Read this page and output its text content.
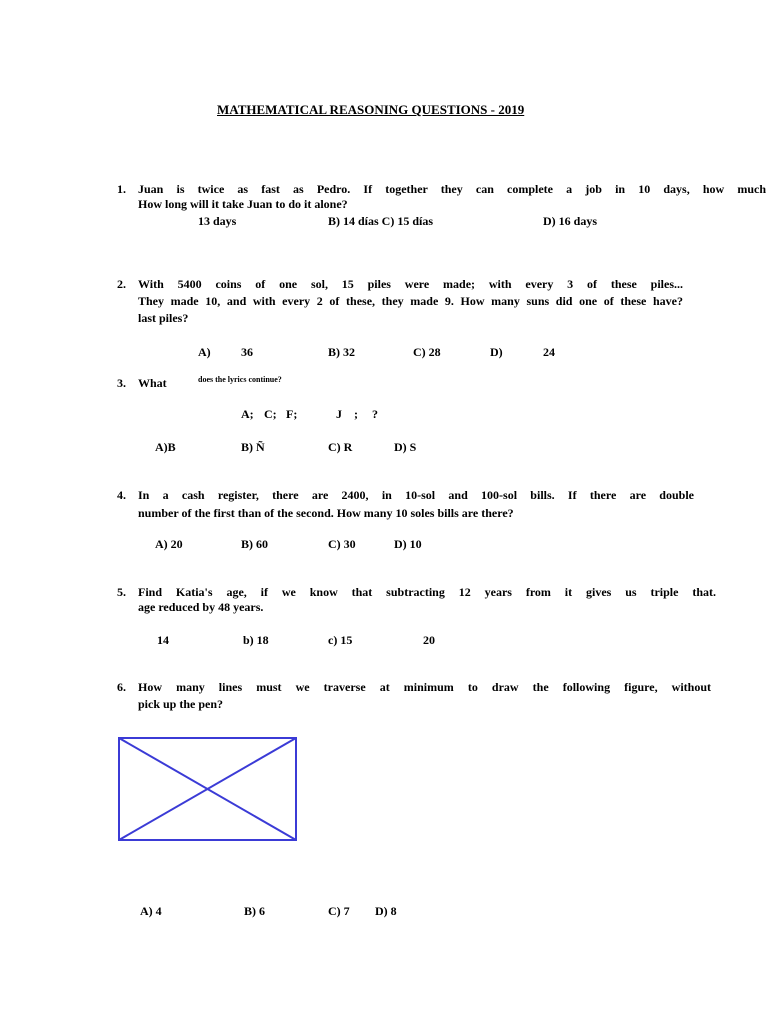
MATHEMATICAL REASONING QUESTIONS - 2019
1. Juan is twice as fast as Pedro. If together they can complete a job in 10 days, how much
How long will it take Juan to do it alone?
13 days	B) 14 días C) 15 días	D) 16 days
2. With 5400 coins of one sol, 15 piles were made; with every 3 of these piles...
They made 10, and with every 2 of these, they made 9. How many suns did one of these have?
last piles?
A)	36	B) 32	C) 28	D)	24
3. What	does the lyrics continue?
A; C; F;	J ; ?
A)B	B) Ñ	C) R	D) S
4. In a cash register, there are 2400, in 10-sol and 100-sol bills. If there are double
number of the first than of the second. How many 10 soles bills are there?
A) 20	B) 60	C) 30	D) 10
5. Find Katia's age, if we know that subtracting 12 years from it gives us triple that.
age reduced by 48 years.
14	b) 18	c) 15	20
6. How many lines must we traverse at minimum to draw the following figure, without
pick up the pen?
A) 4	B) 6	C) 7 D) 8
